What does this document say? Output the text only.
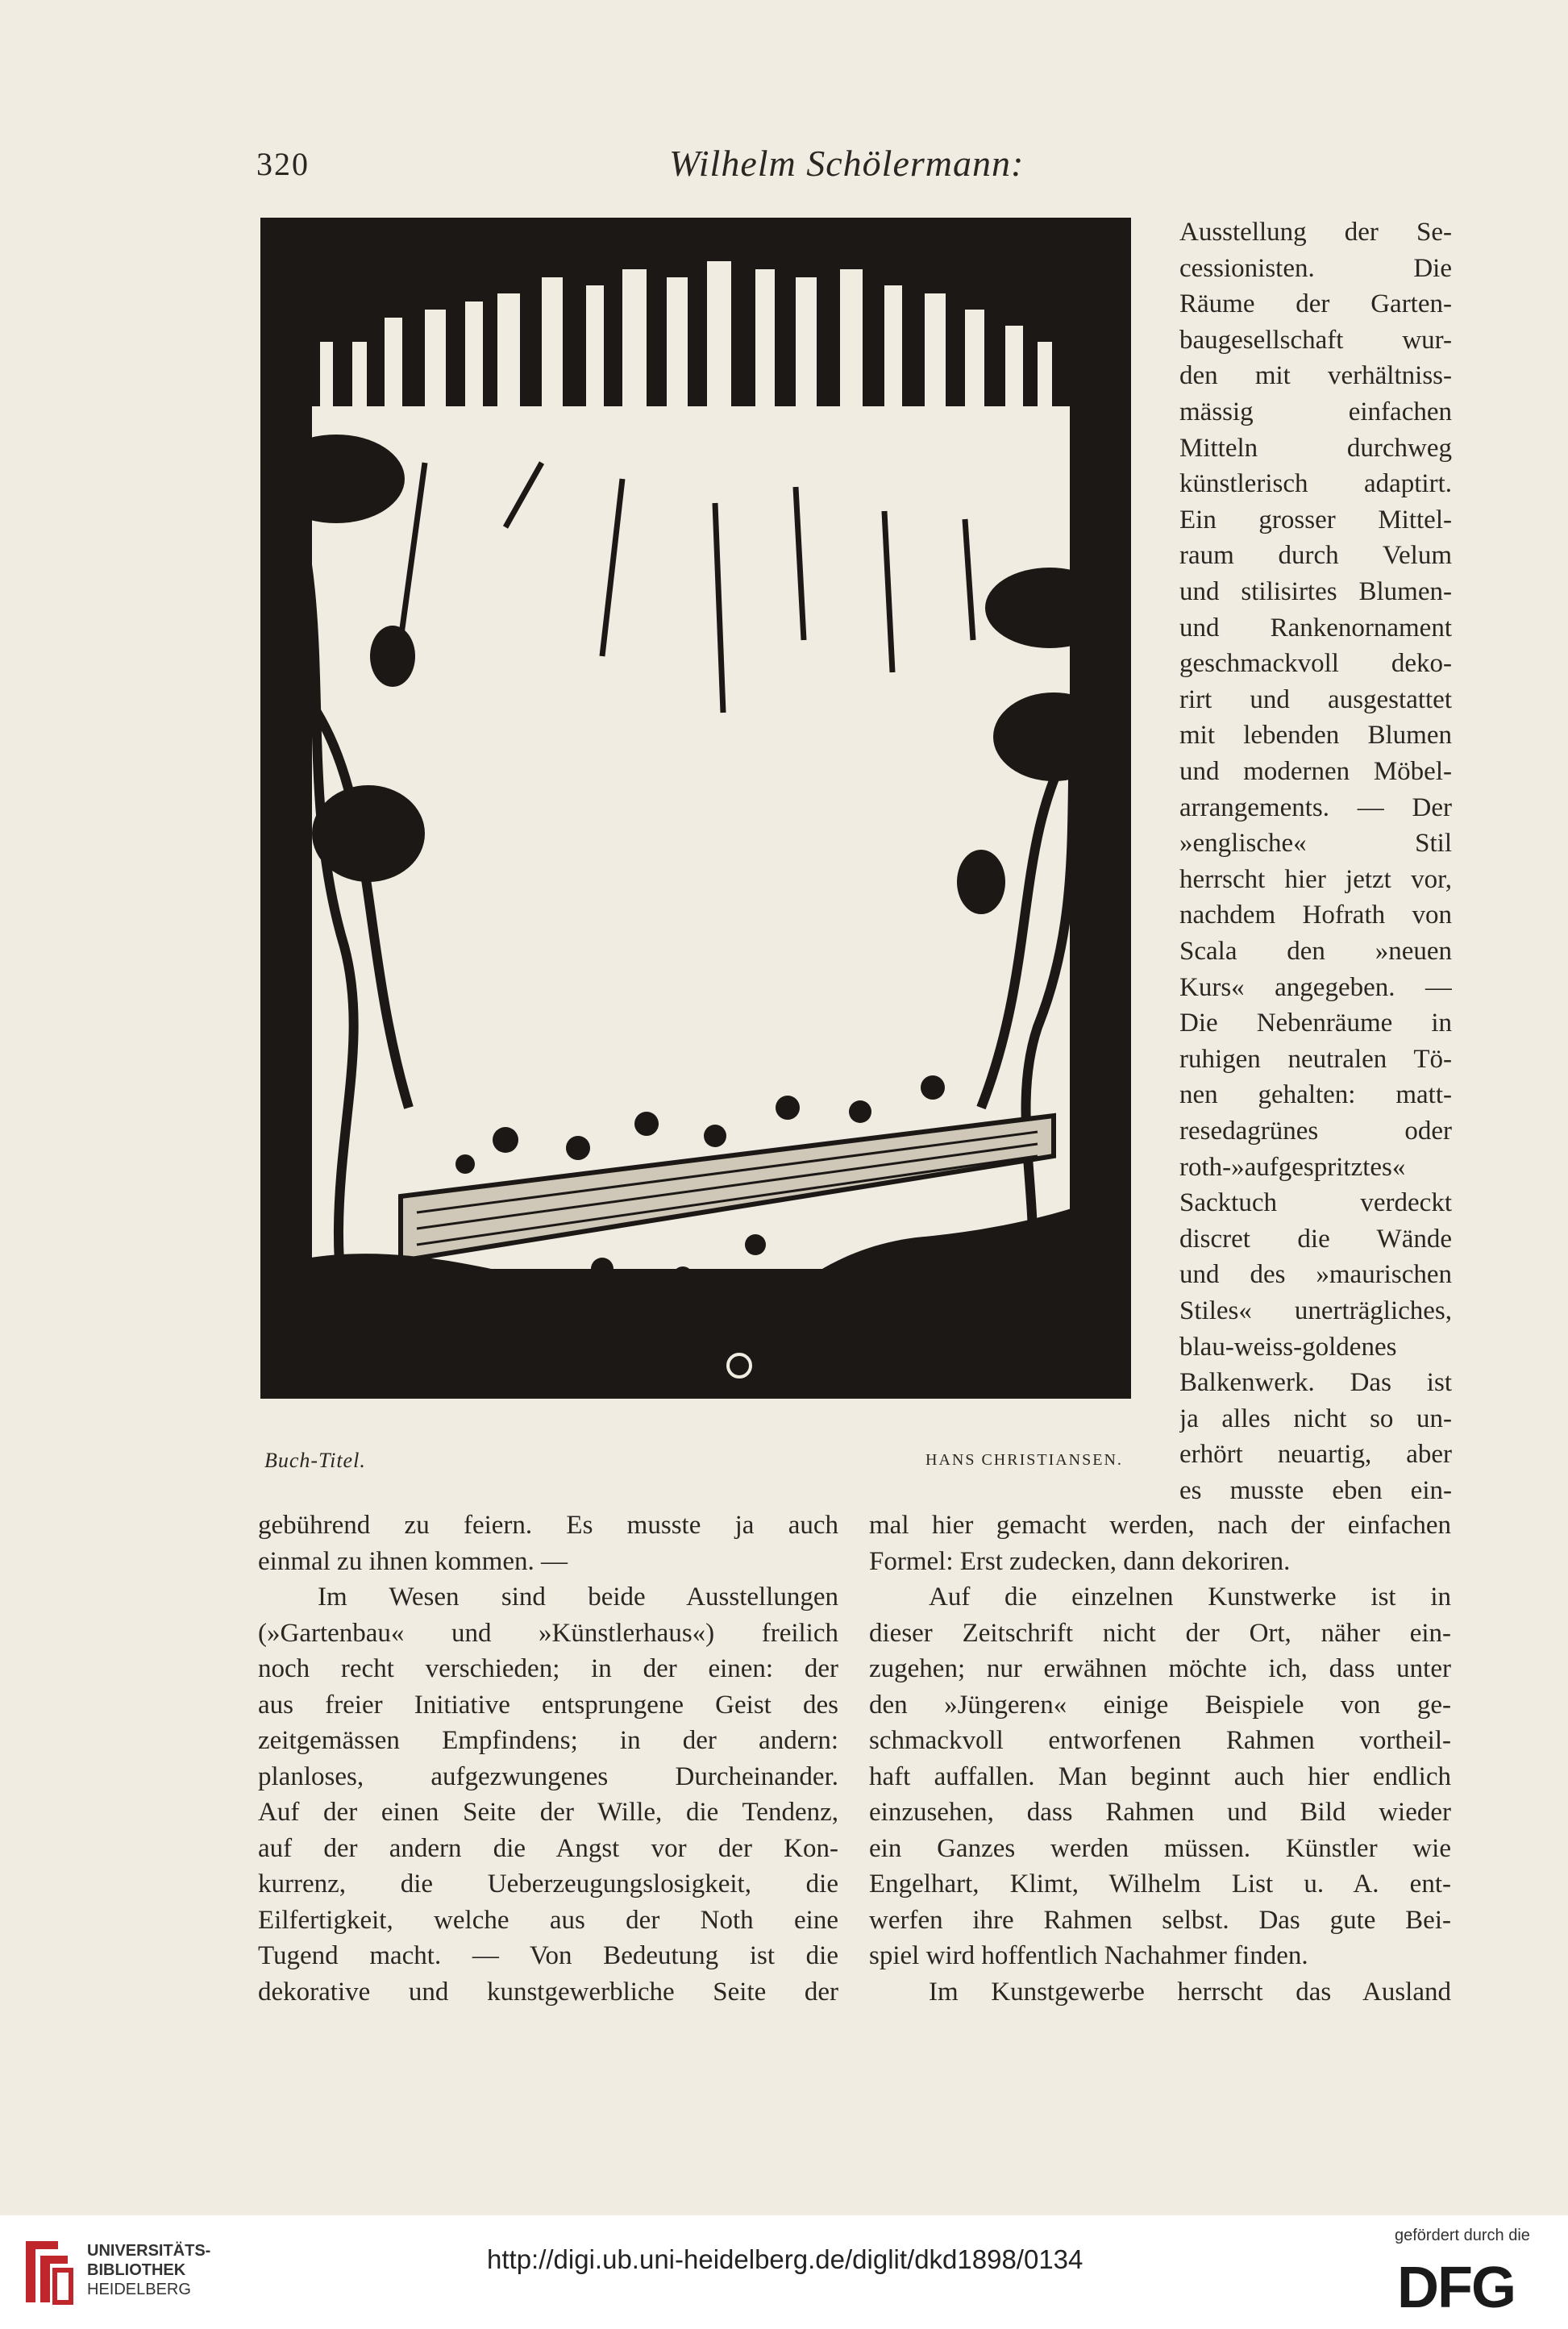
320	Wilhelm Schölermann:
Buch-Titel.	HANS CHRISTIANSEN.
Ausstellung der Se-
cessionisten. Die
Räume der Garten-
baugesellschaft wur-
den mit verhältniss-
mässig einfachen
Mitteln durchweg
künstlerisch adaptirt.
Ein grosser Mittel-
raum durch Velum
und stilisirtes Blumen-
und Rankenornament
geschmackvoll deko-
rirt und ausgestattet
mit lebenden Blumen
und modernen Möbel-
arrangements. — Der
»englische« Stil
herrscht hier jetzt vor,
nachdem Hofrath von
Scala den »neuen
Kurs« angegeben. —
Die Nebenräume in
ruhigen neutralen Tö-
nen gehalten: matt-
resedagrünes oder
roth-»aufgespritztes«
Sacktuch verdeckt
discret die Wände
und des »maurischen
Stiles« unerträgliches,
blau-weiss-goldenes
Balkenwerk. Das ist
ja alles nicht so un-
erhört neuartig, aber
es musste eben ein-
gebührend zu feiern. Es musste ja auch
einmal zu ihnen kommen. —
Im Wesen sind beide Ausstellungen
(»Gartenbau« und »Künstlerhaus«) freilich
noch recht verschieden; in der einen: der
aus freier Initiative entsprungene Geist des
zeitgemässen Empfindens; in der andern:
planloses, aufgezwungenes Durcheinander.
Auf der einen Seite der Wille, die Tendenz,
auf der andern die Angst vor der Kon-
kurrenz, die Ueberzeugungslosigkeit, die
Eilfertigkeit, welche aus der Noth eine
Tugend macht. — Von Bedeutung ist die
dekorative und kunstgewerbliche Seite der
mal hier gemacht werden, nach der einfachen
Formel: Erst zudecken, dann dekoriren.
Auf die einzelnen Kunstwerke ist in
dieser Zeitschrift nicht der Ort, näher ein-
zugehen; nur erwähnen möchte ich, dass unter
den »Jüngeren« einige Beispiele von ge-
schmackvoll entworfenen Rahmen vortheil-
haft auffallen. Man beginnt auch hier endlich
einzusehen, dass Rahmen und Bild wieder
ein Ganzes werden müssen. Künstler wie
Engelhart, Klimt, Wilhelm List u. A. ent-
werfen ihre Rahmen selbst. Das gute Bei-
spiel wird hoffentlich Nachahmer finden.
Im Kunstgewerbe herrscht das Ausland
UNIVERSITÄTS-
BIBLIOTHEK
HEIDELBERG
http://digi.ub.uni-heidelberg.de/diglit/dkd1898/0134
gefördert durch die
DFG
